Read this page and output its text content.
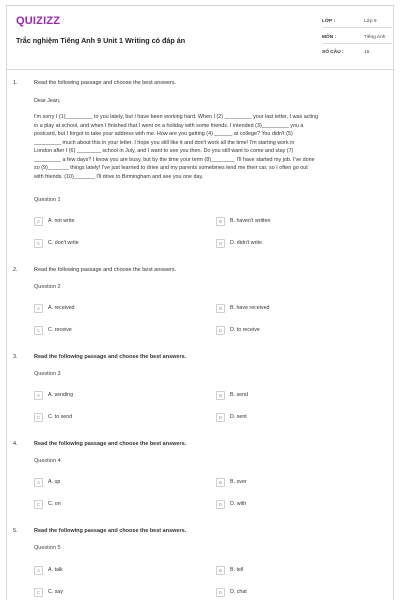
QUIZIZZ
Trắc nghiệm Tiếng Anh 9 Unit 1 Writing có đáp án
LỚP :	Lớp 9
MÔN :	Tiếng Anh
SỐ CÂU :	15
1.	Read the following passage and choose the best answers.
Dear Jean,
I'm sorry I (1)_________ to you lately, but I have been working hard. When I (2) _________ your last letter, I was acting
in a play at school, and when I finished that I went on a holiday with some friends. I intended (3)_________ you a
postcard, but I forgot to take your address with me. How are you getting (4) ______ at college? You didn't (5)
_________ much about this in your letter. I hope you still like it and don't work all the time! I'm starting work in
London after I (6) ________ school in July, and I want to see you then. Do you still want to come and stay (7)
_________ a few days? I know you are busy, but by the time your term (8)________ I'll have started my job. I've done
so (9)_______ things lately! I've just learned to drive and my parents sometimes lend me their car, so I often go out
with friends. (10)_______ I'll drive to Birmingham and see you one day.
Question 1
A	A. not write	B	B. haven't written
C	C. don't write	D	D. didn't write
2.	Read the following passage and choose the best answers.
Question 2
A	A. received	B	B. have received
C	C. receive	D	D. to receive
3.	Read the following passage and choose the best answers.
Question 3
A	A. sending	B	B. send
C	C. to send	D	D. sent
4.	Read the following passage and choose the best answers.
Question 4
A	A. up	B	B. over
C	C. on	D	D. with
5.	Read the following passage and choose the best answers.
Question 5
A	A. talk	B	B. tell
C	C. say	D	D. chat
